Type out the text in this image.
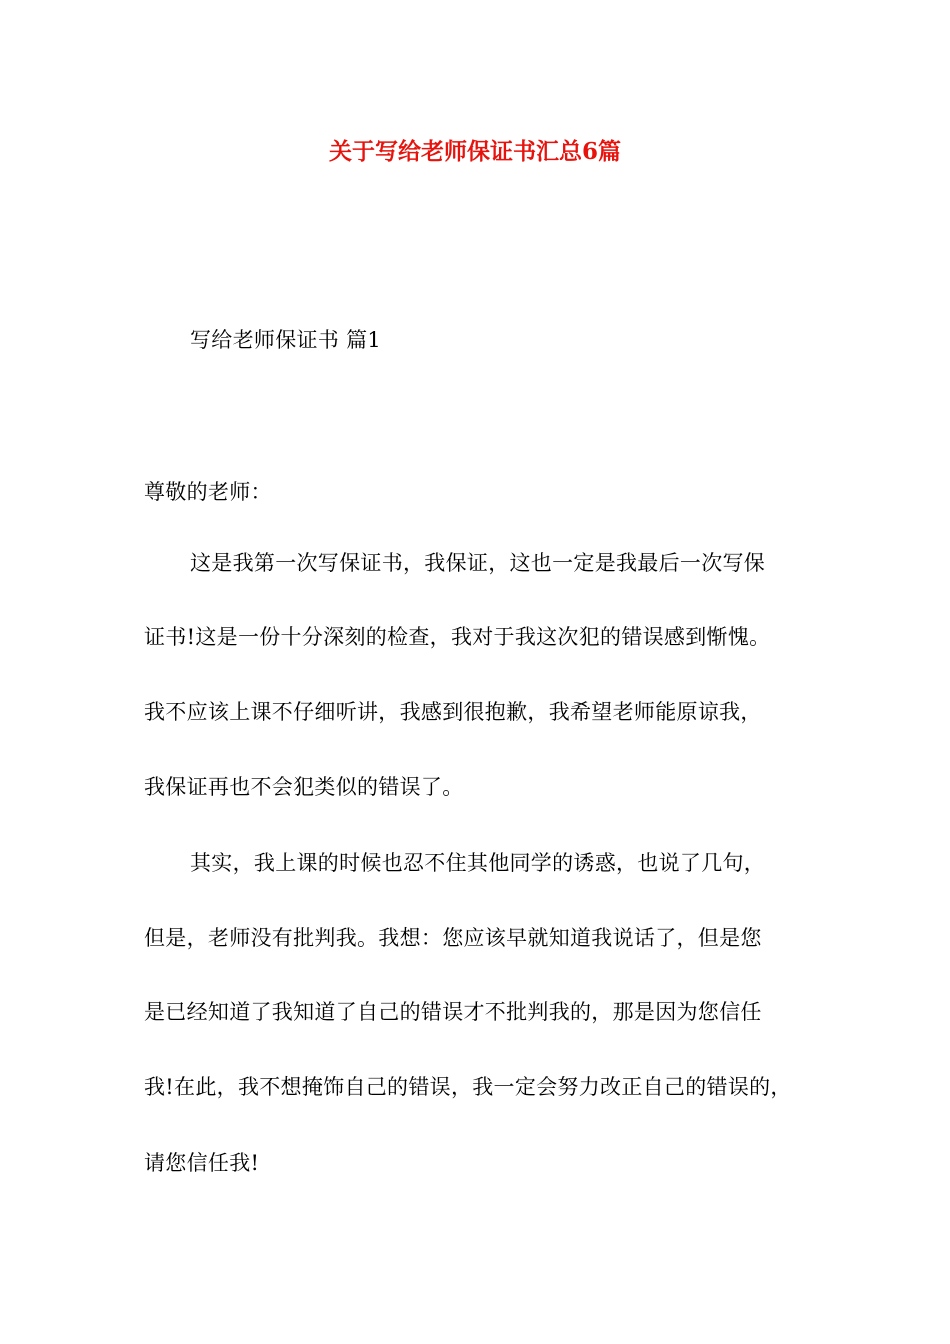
关于写给老师保证书汇总6篇
写给老师保证书 篇1
尊敬的老师：
这是我第一次写保证书，我保证，这也一定是我最后一次写保
证书!这是一份十分深刻的检查，我对于我这次犯的错误感到惭愧。
我不应该上课不仔细听讲，我感到很抱歉，我希望老师能原谅我，
我保证再也不会犯类似的错误了。
其实，我上课的时候也忍不住其他同学的诱惑，也说了几句，
但是，老师没有批判我。我想：您应该早就知道我说话了，但是您
是已经知道了我知道了自己的错误才不批判我的，那是因为您信任
我!在此，我不想掩饰自己的错误，我一定会努力改正自己的错误的，
请您信任我!
